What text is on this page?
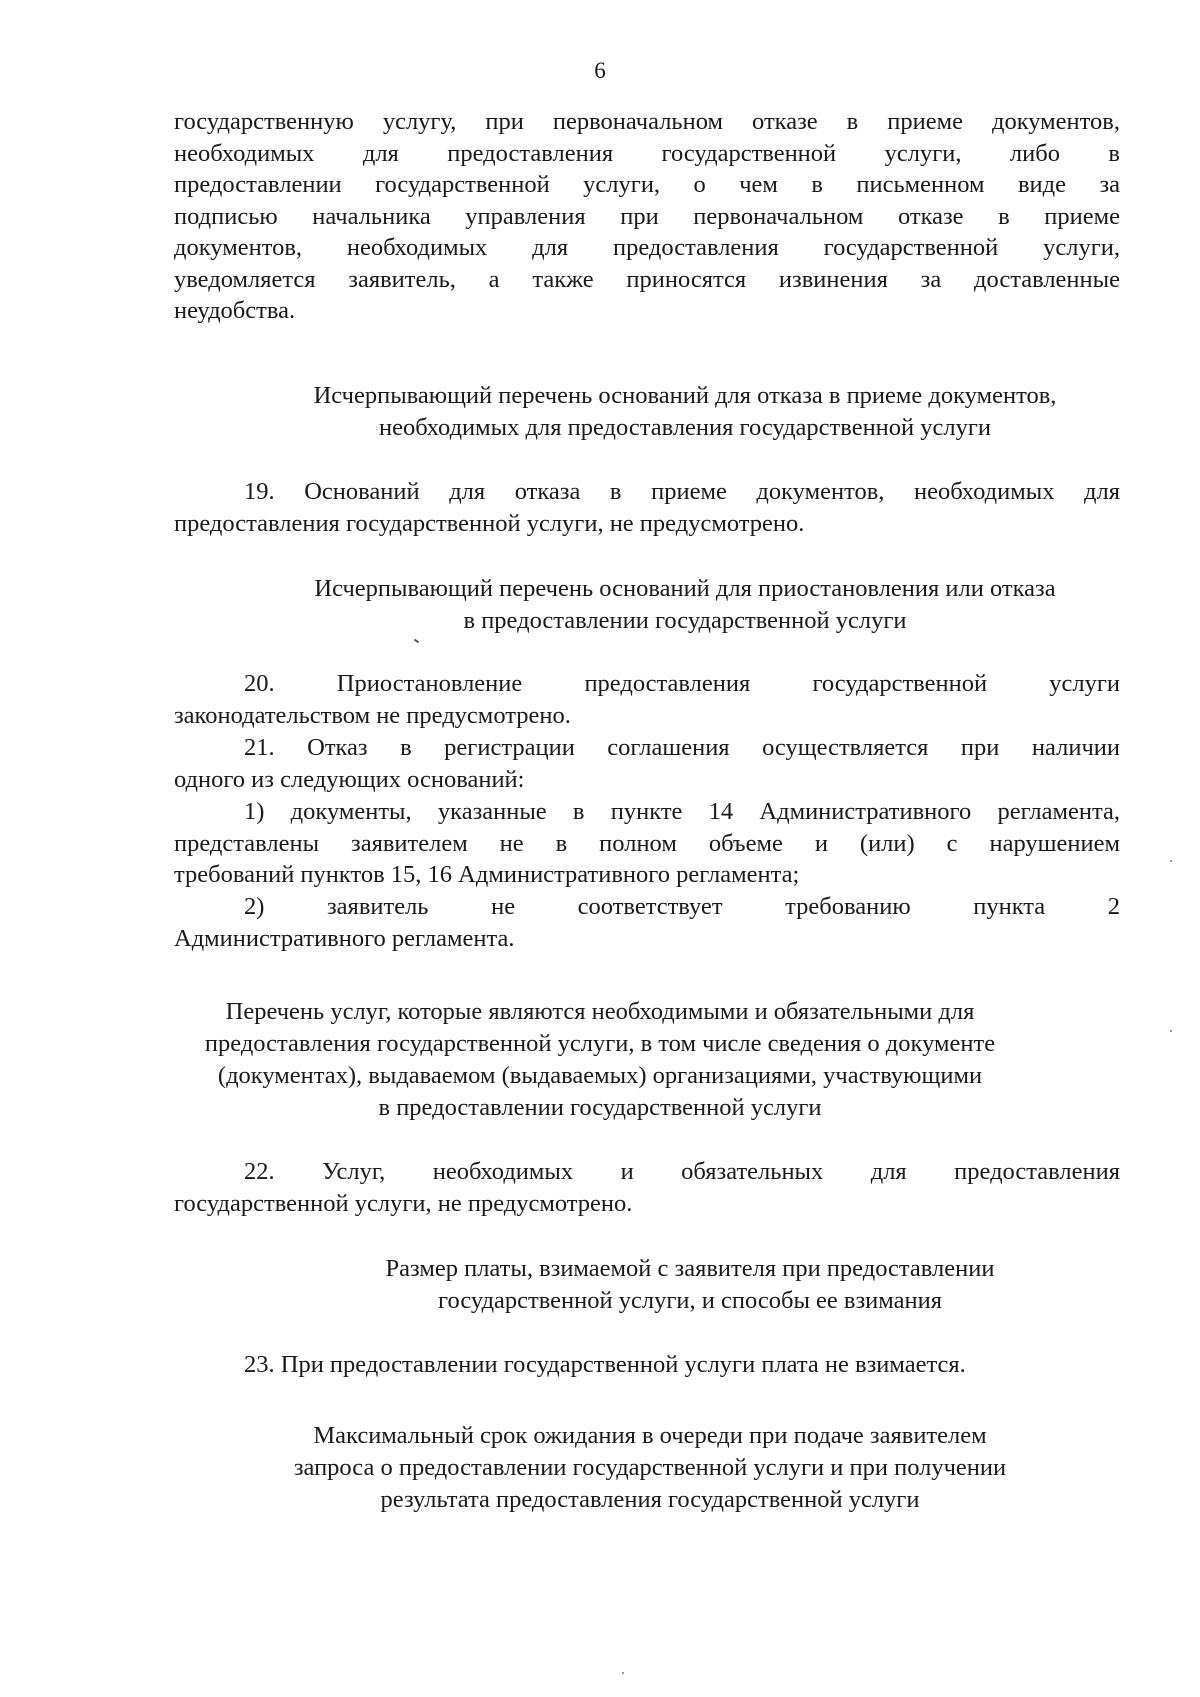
6
государственную услугу, при первоначальном отказе в приеме документов,
необходимых для предоставления государственной услуги, либо в
предоставлении государственной услуги, о чем в письменном виде за
подписью начальника управления при первоначальном отказе в приеме
документов, необходимых для предоставления государственной услуги,
уведомляется заявитель, а также приносятся извинения за доставленные
неудобства.
Исчерпывающий перечень оснований для отказа в приеме документов,
необходимых для предоставления государственной услуги
19. Оснований для отказа в приеме документов, необходимых для
предоставления государственной услуги, не предусмотрено.
Исчерпывающий перечень оснований для приостановления или отказа
в предоставлении государственной услуги
20. Приостановление предоставления государственной услуги
законодательством не предусмотрено.
21. Отказ в регистрации соглашения осуществляется при наличии
одного из следующих оснований:
1) документы, указанные в пункте 14 Административного регламента,
представлены заявителем не в полном объеме и (или) с нарушением
требований пунктов 15, 16 Административного регламента;
2) заявитель не соответствует требованию пункта 2
Административного регламента.
Перечень услуг, которые являются необходимыми и обязательными для
предоставления государственной услуги, в том числе сведения о документе
(документах), выдаваемом (выдаваемых) организациями, участвующими
в предоставлении государственной услуги
22. Услуг, необходимых и обязательных для предоставления
государственной услуги, не предусмотрено.
Размер платы, взимаемой с заявителя при предоставлении
государственной услуги, и способы ее взимания
23. При предоставлении государственной услуги плата не взимается.
Максимальный срок ожидания в очереди при подаче заявителем
запроса о предоставлении государственной услуги и при получении
результата предоставления государственной услуги
